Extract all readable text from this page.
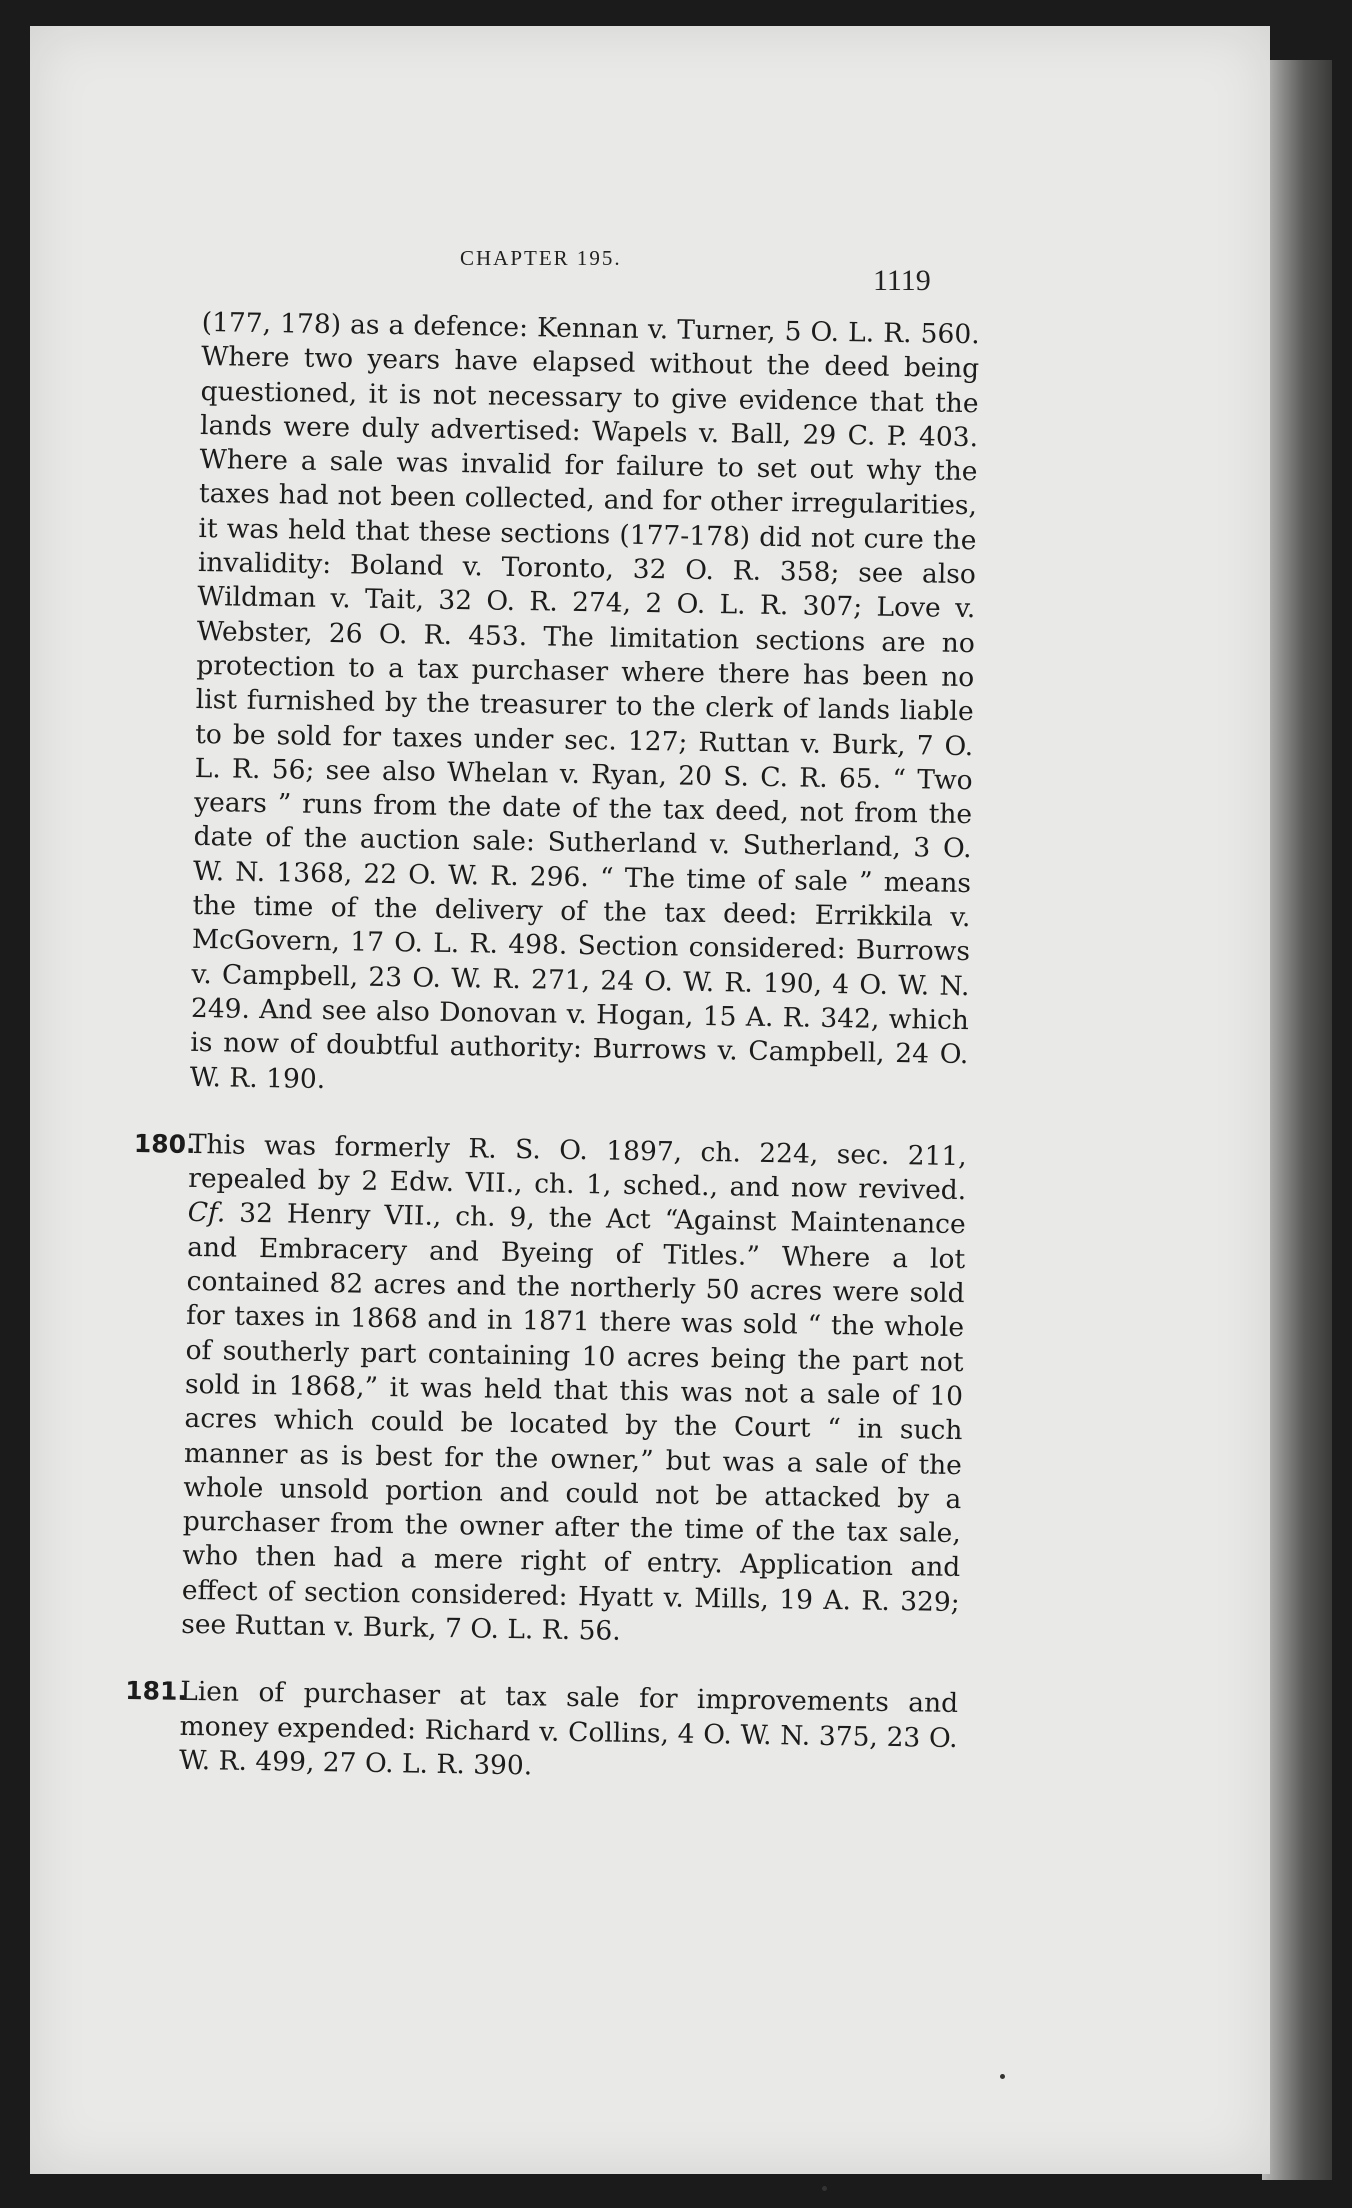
CHAPTER 195.
1119

(177, 178) as a defence: Kennan v. Turner, 5 O. L. R. 560. Where two years have elapsed without the deed being questioned, it is not necessary to give evidence that the lands were duly advertised: Wapels v. Ball, 29 C. P. 403. Where a sale was invalid for failure to set out why the taxes had not been collected, and for other irregularities, it was held that these sections (177-178) did not cure the invalidity: Boland v. Toronto, 32 O. R. 358; see also Wildman v. Tait, 32 O. R. 274, 2 O. L. R. 307; Love v. Webster, 26 O. R. 453. The limitation sections are no protection to a tax purchaser where there has been no list furnished by the treasurer to the clerk of lands liable to be sold for taxes under sec. 127; Ruttan v. Burk, 7 O. L. R. 56; see also Whelan v. Ryan, 20 S. C. R. 65. “ Two years ” runs from the date of the tax deed, not from the date of the auction sale: Sutherland v. Sutherland, 3 O. W. N. 1368, 22 O. W. R. 296. “ The time of sale ” means the time of the delivery of the tax deed: Errikkila v. McGovern, 17 O. L. R. 498. Section considered: Burrows v. Campbell, 23 O. W. R. 271, 24 O. W. R. 190, 4 O. W. N. 249. And see also Donovan v. Hogan, 15 A. R. 342, which is now of doubtful authority: Burrows v. Campbell, 24 O. W. R. 190.

180.

This was formerly R. S. O. 1897, ch. 224, sec. 211, repealed by 2 Edw. VII., ch. 1, sched., and now revived. Cf. 32 Henry VII., ch. 9, the Act “Against Maintenance and Embracery and Byeing of Titles.” Where a lot contained 82 acres and the northerly 50 acres were sold for taxes in 1868 and in 1871 there was sold “ the whole of southerly part containing 10 acres being the part not sold in 1868,” it was held that this was not a sale of 10 acres which could be located by the Court “ in such manner as is best for the owner,” but was a sale of the whole unsold portion and could not be attacked by a purchaser from the owner after the time of the tax sale, who then had a mere right of entry. Application and effect of section considered: Hyatt v. Mills, 19 A. R. 329; see Ruttan v. Burk, 7 O. L. R. 56.

181.

Lien of purchaser at tax sale for improvements and money expended: Richard v. Collins, 4 O. W. N. 375, 23 O. W. R. 499, 27 O. L. R. 390.
